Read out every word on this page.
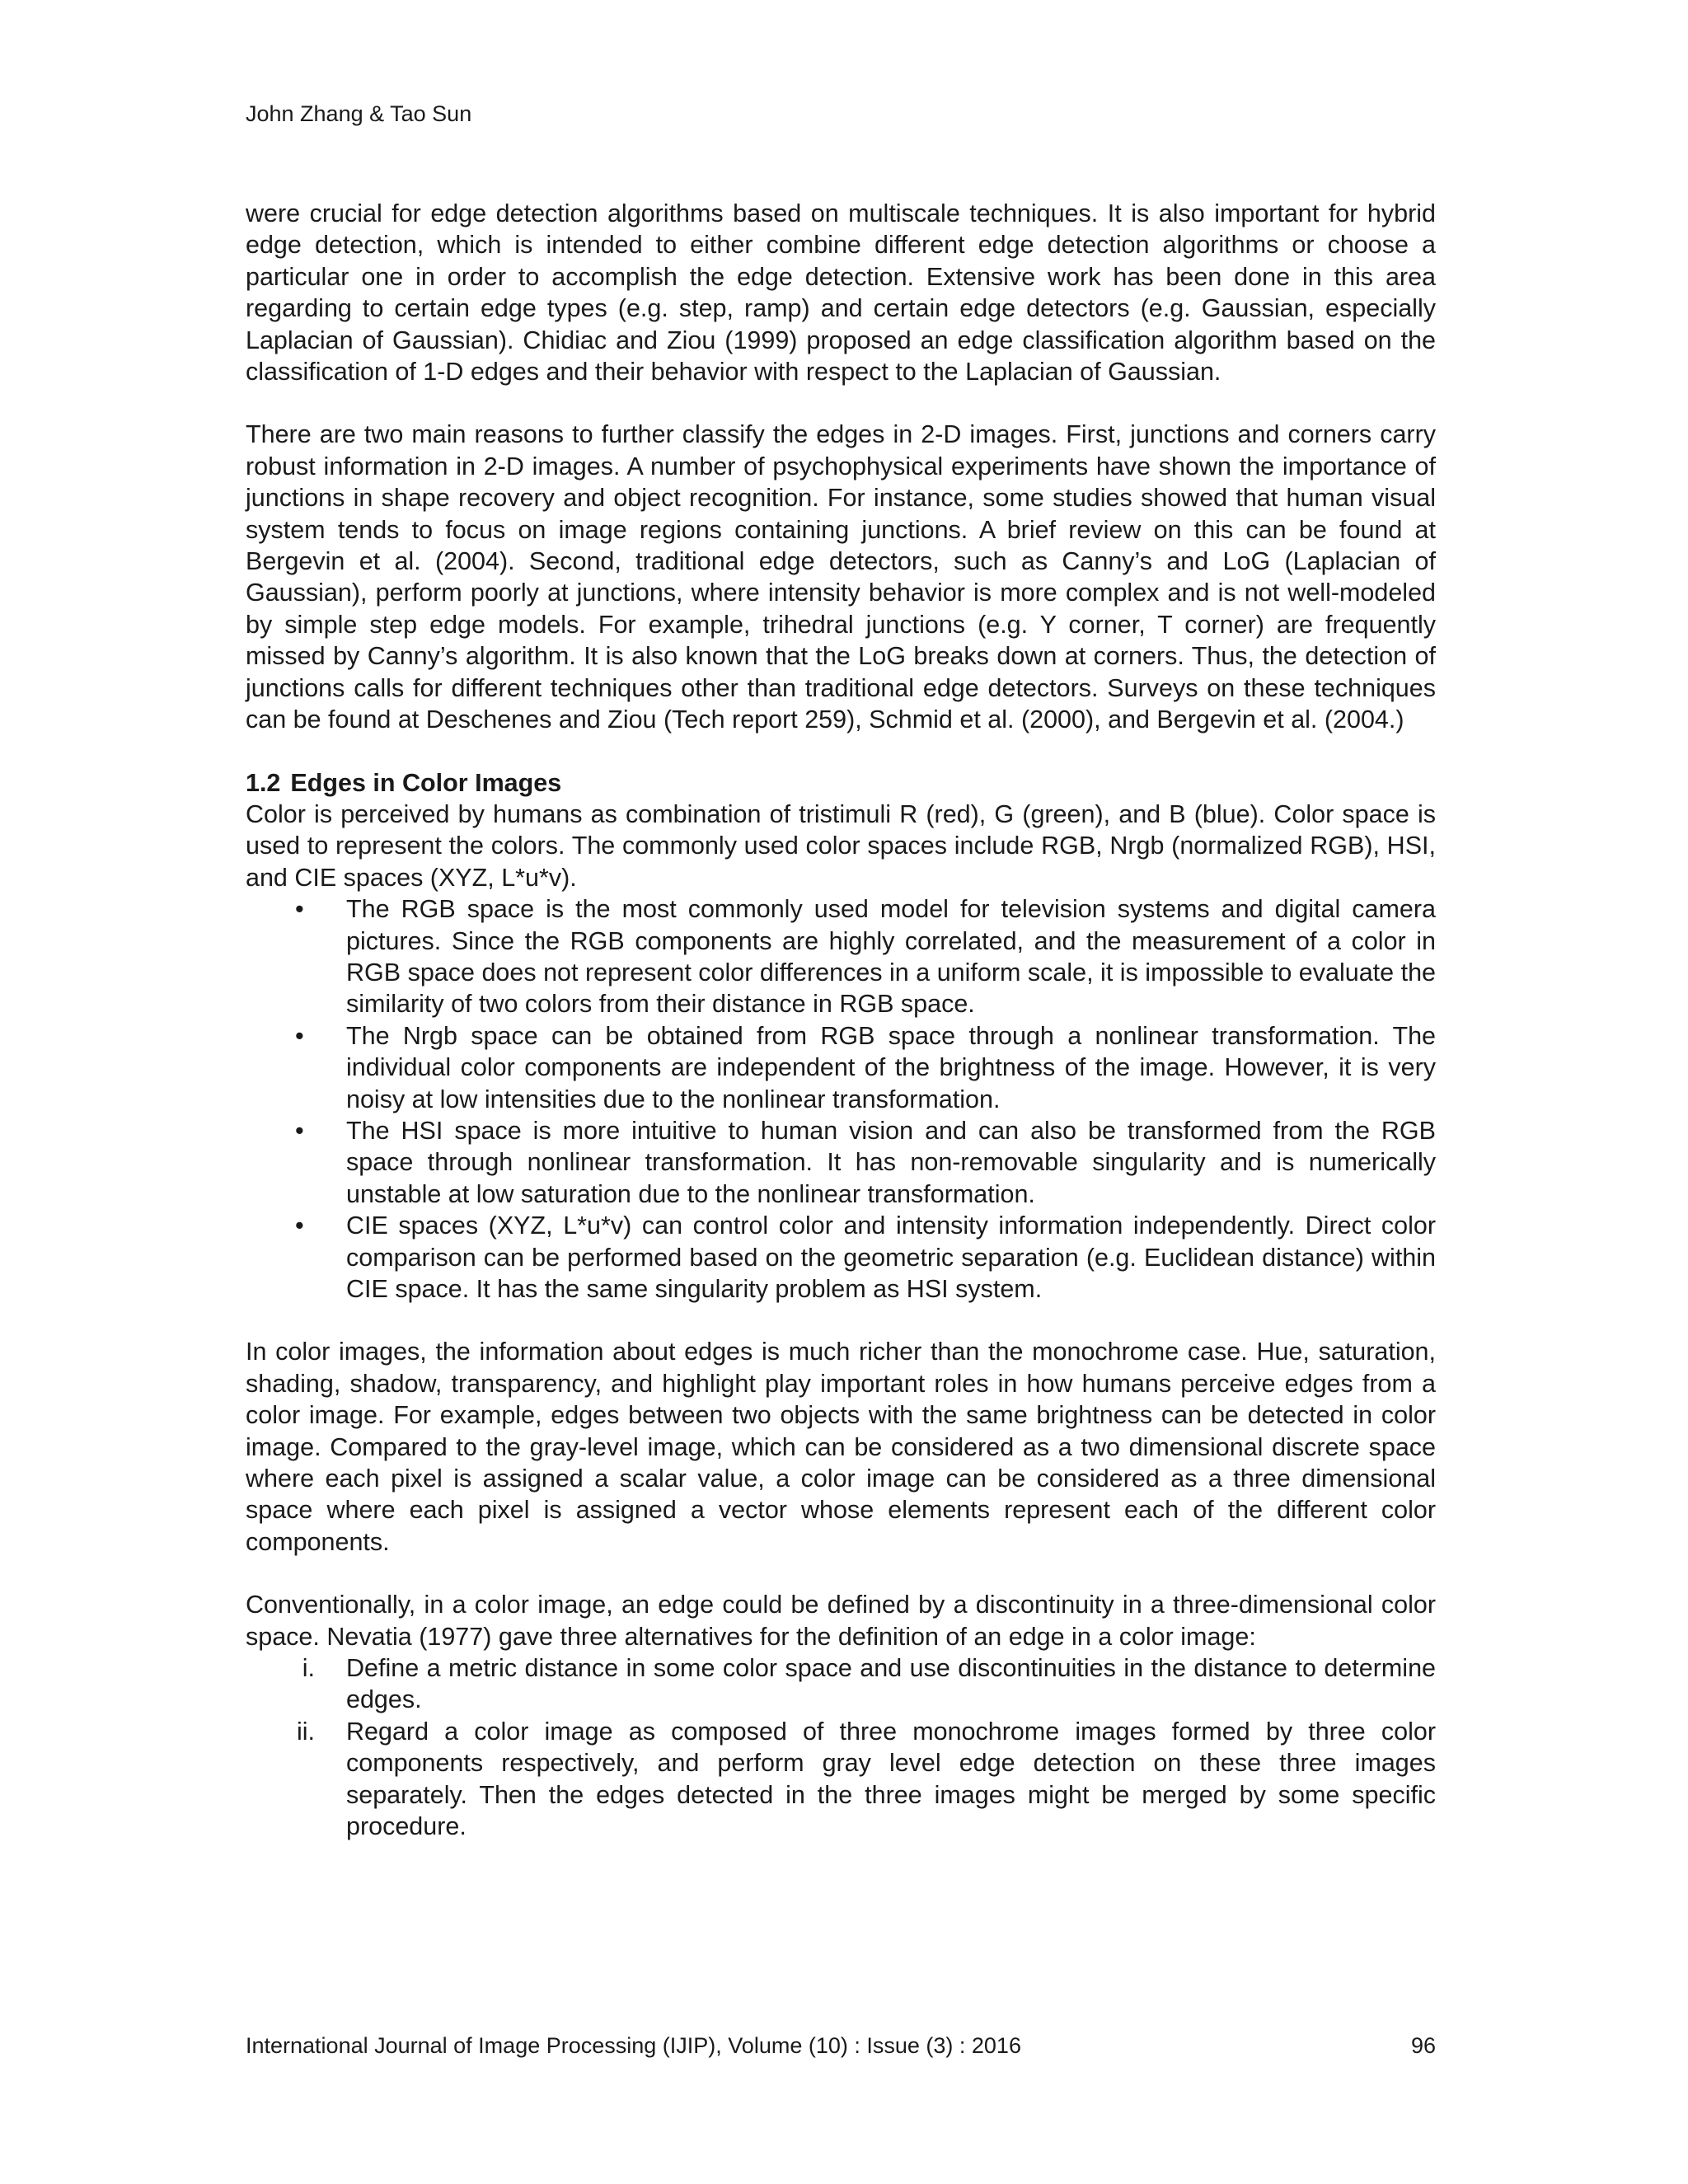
John Zhang & Tao Sun

were crucial for edge detection algorithms based on multiscale techniques. It is also important for hybrid edge detection, which is intended to either combine different edge detection algorithms or choose a particular one in order to accomplish the edge detection. Extensive work has been done in this area regarding to certain edge types (e.g. step, ramp) and certain edge detectors (e.g. Gaussian, especially Laplacian of Gaussian). Chidiac and Ziou (1999) proposed an edge classification algorithm based on the classification of 1-D edges and their behavior with respect to the Laplacian of Gaussian.

There are two main reasons to further classify the edges in 2-D images. First, junctions and corners carry robust information in 2-D images. A number of psychophysical experiments have shown the importance of junctions in shape recovery and object recognition. For instance, some studies showed that human visual system tends to focus on image regions containing junctions. A brief review on this can be found at Bergevin et al. (2004). Second, traditional edge detectors, such as Canny’s and LoG (Laplacian of Gaussian), perform poorly at junctions, where intensity behavior is more complex and is not well-modeled by simple step edge models. For example, trihedral junctions (e.g. Y corner, T corner) are frequently missed by Canny’s algorithm. It is also known that the LoG breaks down at corners. Thus, the detection of junctions calls for different techniques other than traditional edge detectors. Surveys on these techniques can be found at Deschenes and Ziou (Tech report 259), Schmid et al. (2000), and Bergevin et al. (2004.)

1.2 Edges in Color Images

Color is perceived by humans as combination of tristimuli R (red), G (green), and B (blue). Color space is used to represent the colors. The commonly used color spaces include RGB, Nrgb (normalized RGB), HSI, and CIE spaces (XYZ, L*u*v).

• The RGB space is the most commonly used model for television systems and digital camera pictures. Since the RGB components are highly correlated, and the measurement of a color in RGB space does not represent color differences in a uniform scale, it is impossible to evaluate the similarity of two colors from their distance in RGB space.
• The Nrgb space can be obtained from RGB space through a nonlinear transformation. The individual color components are independent of the brightness of the image. However, it is very noisy at low intensities due to the nonlinear transformation.
• The HSI space is more intuitive to human vision and can also be transformed from the RGB space through nonlinear transformation. It has non-removable singularity and is numerically unstable at low saturation due to the nonlinear transformation.
• CIE spaces (XYZ, L*u*v) can control color and intensity information independently. Direct color comparison can be performed based on the geometric separation (e.g. Euclidean distance) within CIE space. It has the same singularity problem as HSI system.

In color images, the information about edges is much richer than the monochrome case. Hue, saturation, shading, shadow, transparency, and highlight play important roles in how humans perceive edges from a color image. For example, edges between two objects with the same brightness can be detected in color image. Compared to the gray-level image, which can be considered as a two dimensional discrete space where each pixel is assigned a scalar value, a color image can be considered as a three dimensional space where each pixel is assigned a vector whose elements represent each of the different color components.

Conventionally, in a color image, an edge could be defined by a discontinuity in a three-dimensional color space. Nevatia (1977) gave three alternatives for the definition of an edge in a color image:

i. Define a metric distance in some color space and use discontinuities in the distance to determine edges.
ii. Regard a color image as composed of three monochrome images formed by three color components respectively, and perform gray level edge detection on these three images separately. Then the edges detected in the three images might be merged by some specific procedure.
International Journal of Image Processing (IJIP), Volume (10) : Issue (3) : 2016	96
